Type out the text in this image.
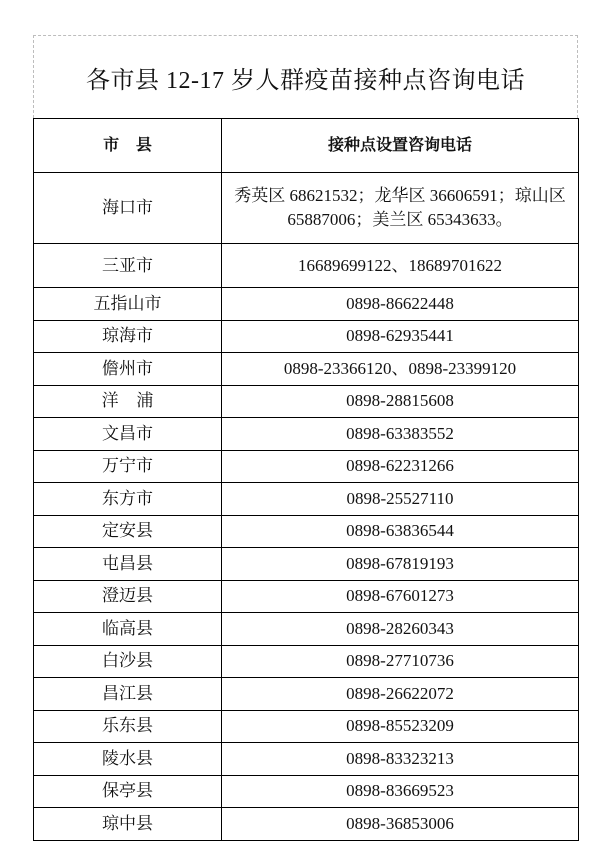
各市县 12-17 岁人群疫苗接种点咨询电话
市 县	接种点设置咨询电话
海口市	秀英区 68621532；龙华区 36606591；琼山区 65887006；美兰区 65343633。
三亚市	16689699122、18689701622
五指山市	0898-86622448
琼海市	0898-62935441
儋州市	0898-23366120、0898-23399120
洋 浦	0898-28815608
文昌市	0898-63383552
万宁市	0898-62231266
东方市	0898-25527110
定安县	0898-63836544
屯昌县	0898-67819193
澄迈县	0898-67601273
临高县	0898-28260343
白沙县	0898-27710736
昌江县	0898-26622072
乐东县	0898-85523209
陵水县	0898-83323213
保亭县	0898-83669523
琼中县	0898-36853006
